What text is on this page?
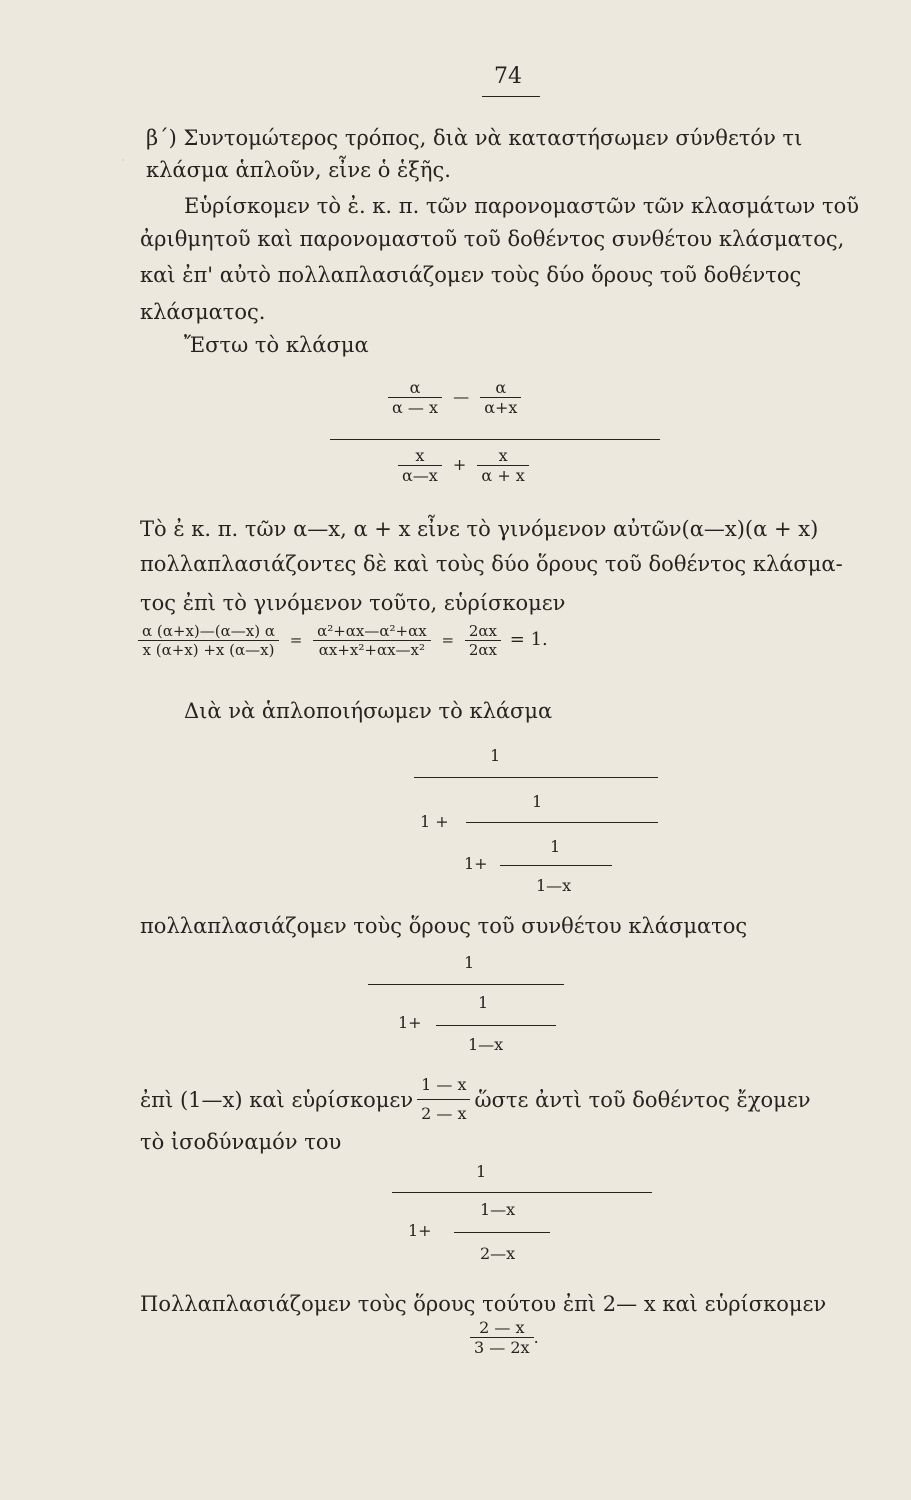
·
74
β΄) Συντομώτερος τρόπος, διὰ νὰ καταστήσωμεν σύνθετόν τι
κλάσμα ἁπλοῦν, εἶνε ὁ ἑξῆς.
Εὑρίσκομεν τὸ ἐ. κ. π. τῶν παρονομαστῶν τῶν κλασμάτων τοῦ
ἀριθμητοῦ καὶ παρονομαστοῦ τοῦ δοθέντος συνθέτου κλάσματος,
καὶ ἐπ' αὐτὸ πολλαπλασιάζομεν τοὺς δύο ὅρους τοῦ δοθέντος
κλάσματος.
Ἔστω τὸ κλάσμα
$\frac{\alpha}{\alpha — x}$ — $\frac{\alpha}{\alpha+x}$
$\frac{x}{\alpha—x} + \frac{x}{\alpha + x}$
Τὸ ἐ κ. π. τῶν α—x, α + x εἶνε τὸ γινόμενον αὐτῶν(α—x)(α + x)
πολλαπλασιάζοντες δὲ καὶ τοὺς δύο ὅρους τοῦ δοθέντος κλάσμα-
τος ἐπὶ τὸ γινόμενον τοῦτο, εὑρίσκομεν
$\frac{\alpha (\alpha+x)—(\alpha—x) \alpha}{x (\alpha+x) +x (\alpha—x)} = \frac{\text{α²+αx—α²+αx}}{\text{αx+x²+αx—x²}} = \frac{2\alpha x}{2\alpha x} = 1$.
Διὰ νὰ ἁπλοποιήσωμεν τὸ κλάσμα
1
1 +
1
1+
1
1—x
πολλαπλασιάζομεν τοὺς ὅρους τοῦ συνθέτου κλάσματος
1
1+
1
1—x
ἐπὶ (1—x) καὶ εὑρίσκομεν $\frac{1 — x}{2 — x}$ ὥστε ἀντὶ τοῦ δοθέντος ἔχομεν
τὸ ἰσοδύναμόν του
1
1+
1—x
2—x
Πολλαπλασιάζομεν τοὺς ὅρους τούτου ἐπὶ 2— x καὶ εὑρίσκομεν
$\frac{2 — x}{3 — 2x}$ .
